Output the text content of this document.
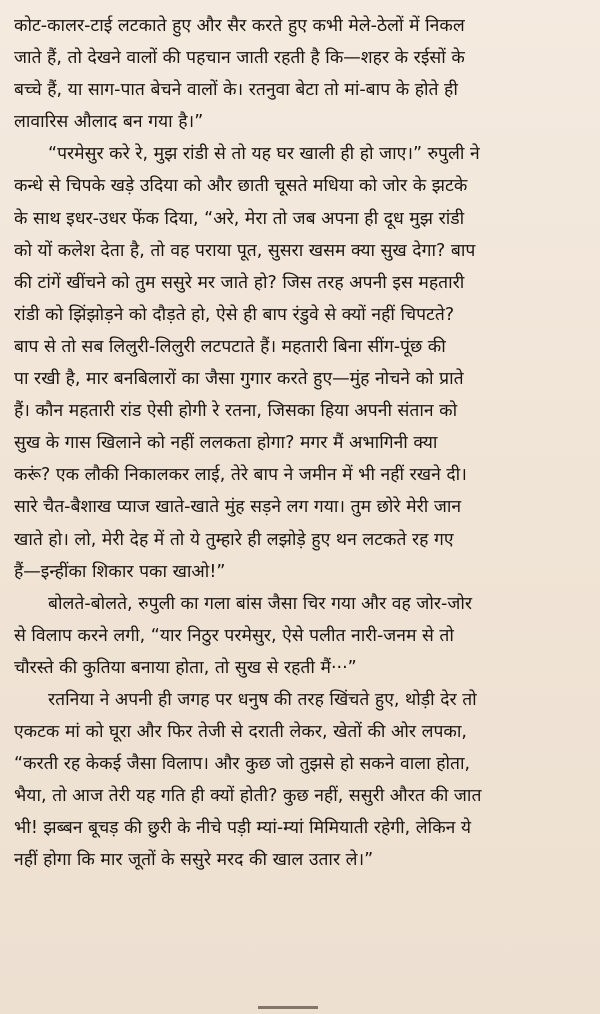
कोट-कालर-टाई लटकाते हुए और सैर करते हुए कभी मेले-ठेलों में निकल
जाते हैं, तो देखने वालों की पहचान जाती रहती है कि—शहर के रईसों के
बच्चे हैं, या साग-पात बेचने वालों के। रतनुवा बेटा तो मां-बाप के होते ही
लावारिस औलाद बन गया है।”
“परमेसुर करे रे, मुझ रांडी से तो यह घर खाली ही हो जाए।” रुपुली ने
कन्धे से चिपके खड़े उदिया को और छाती चूसते मधिया को जोर के झटके
के साथ इधर-उधर फेंक दिया, “अरे, मेरा तो जब अपना ही दूध मुझ रांडी
को यों कलेश देता है, तो वह पराया पूत, सुसरा खसम क्या सुख देगा? बाप
की टांगें खींचने को तुम ससुरे मर जाते हो? जिस तरह अपनी इस महतारी
रांडी को झिंझोड़ने को दौड़ते हो, ऐसे ही बाप रंडुवे से क्यों नहीं चिपटते?
बाप से तो सब लिलुरी-लिलुरी लटपटाते हैं। महतारी बिना सींग-पूंछ की
पा रखी है, मार बनबिलारों का जैसा गुगार करते हुए—मुंह नोचने को प्राते
हैं। कौन महतारी रांड ऐसी होगी रे रतना, जिसका हिया अपनी संतान को
सुख के गास खिलाने को नहीं ललकता होगा? मगर मैं अभागिनी क्या
करूं? एक लौकी निकालकर लाई, तेरे बाप ने जमीन में भी नहीं रखने दी।
सारे चैत-बैशाख प्याज खाते-खाते मुंह सड़ने लग गया। तुम छोरे मेरी जान
खाते हो। लो, मेरी देह में तो ये तुम्हारे ही लझोड़े हुए थन लटकते रह गए
हैं—इन्हींका शिकार पका खाओ!”
बोलते-बोलते, रुपुली का गला बांस जैसा चिर गया और वह जोर-जोर
से विलाप करने लगी, “यार निठुर परमेसुर, ऐसे पलीत नारी-जनम से तो
चौरस्ते की कुतिया बनाया होता, तो सुख से रहती मैं···”
रतनिया ने अपनी ही जगह पर धनुष की तरह खिंचते हुए, थोड़ी देर तो
एकटक मां को घूरा और फिर तेजी से दराती लेकर, खेतों की ओर लपका,
“करती रह केकई जैसा विलाप। और कुछ जो तुझसे हो सकने वाला होता,
भैया, तो आज तेरी यह गति ही क्यों होती? कुछ नहीं, ससुरी औरत की जात
भी! झब्बन बूचड़ की छुरी के नीचे पड़ी म्यां-म्यां मिमियाती रहेगी, लेकिन ये
नहीं होगा कि मार जूतों के ससुरे मरद की खाल उतार ले।”
